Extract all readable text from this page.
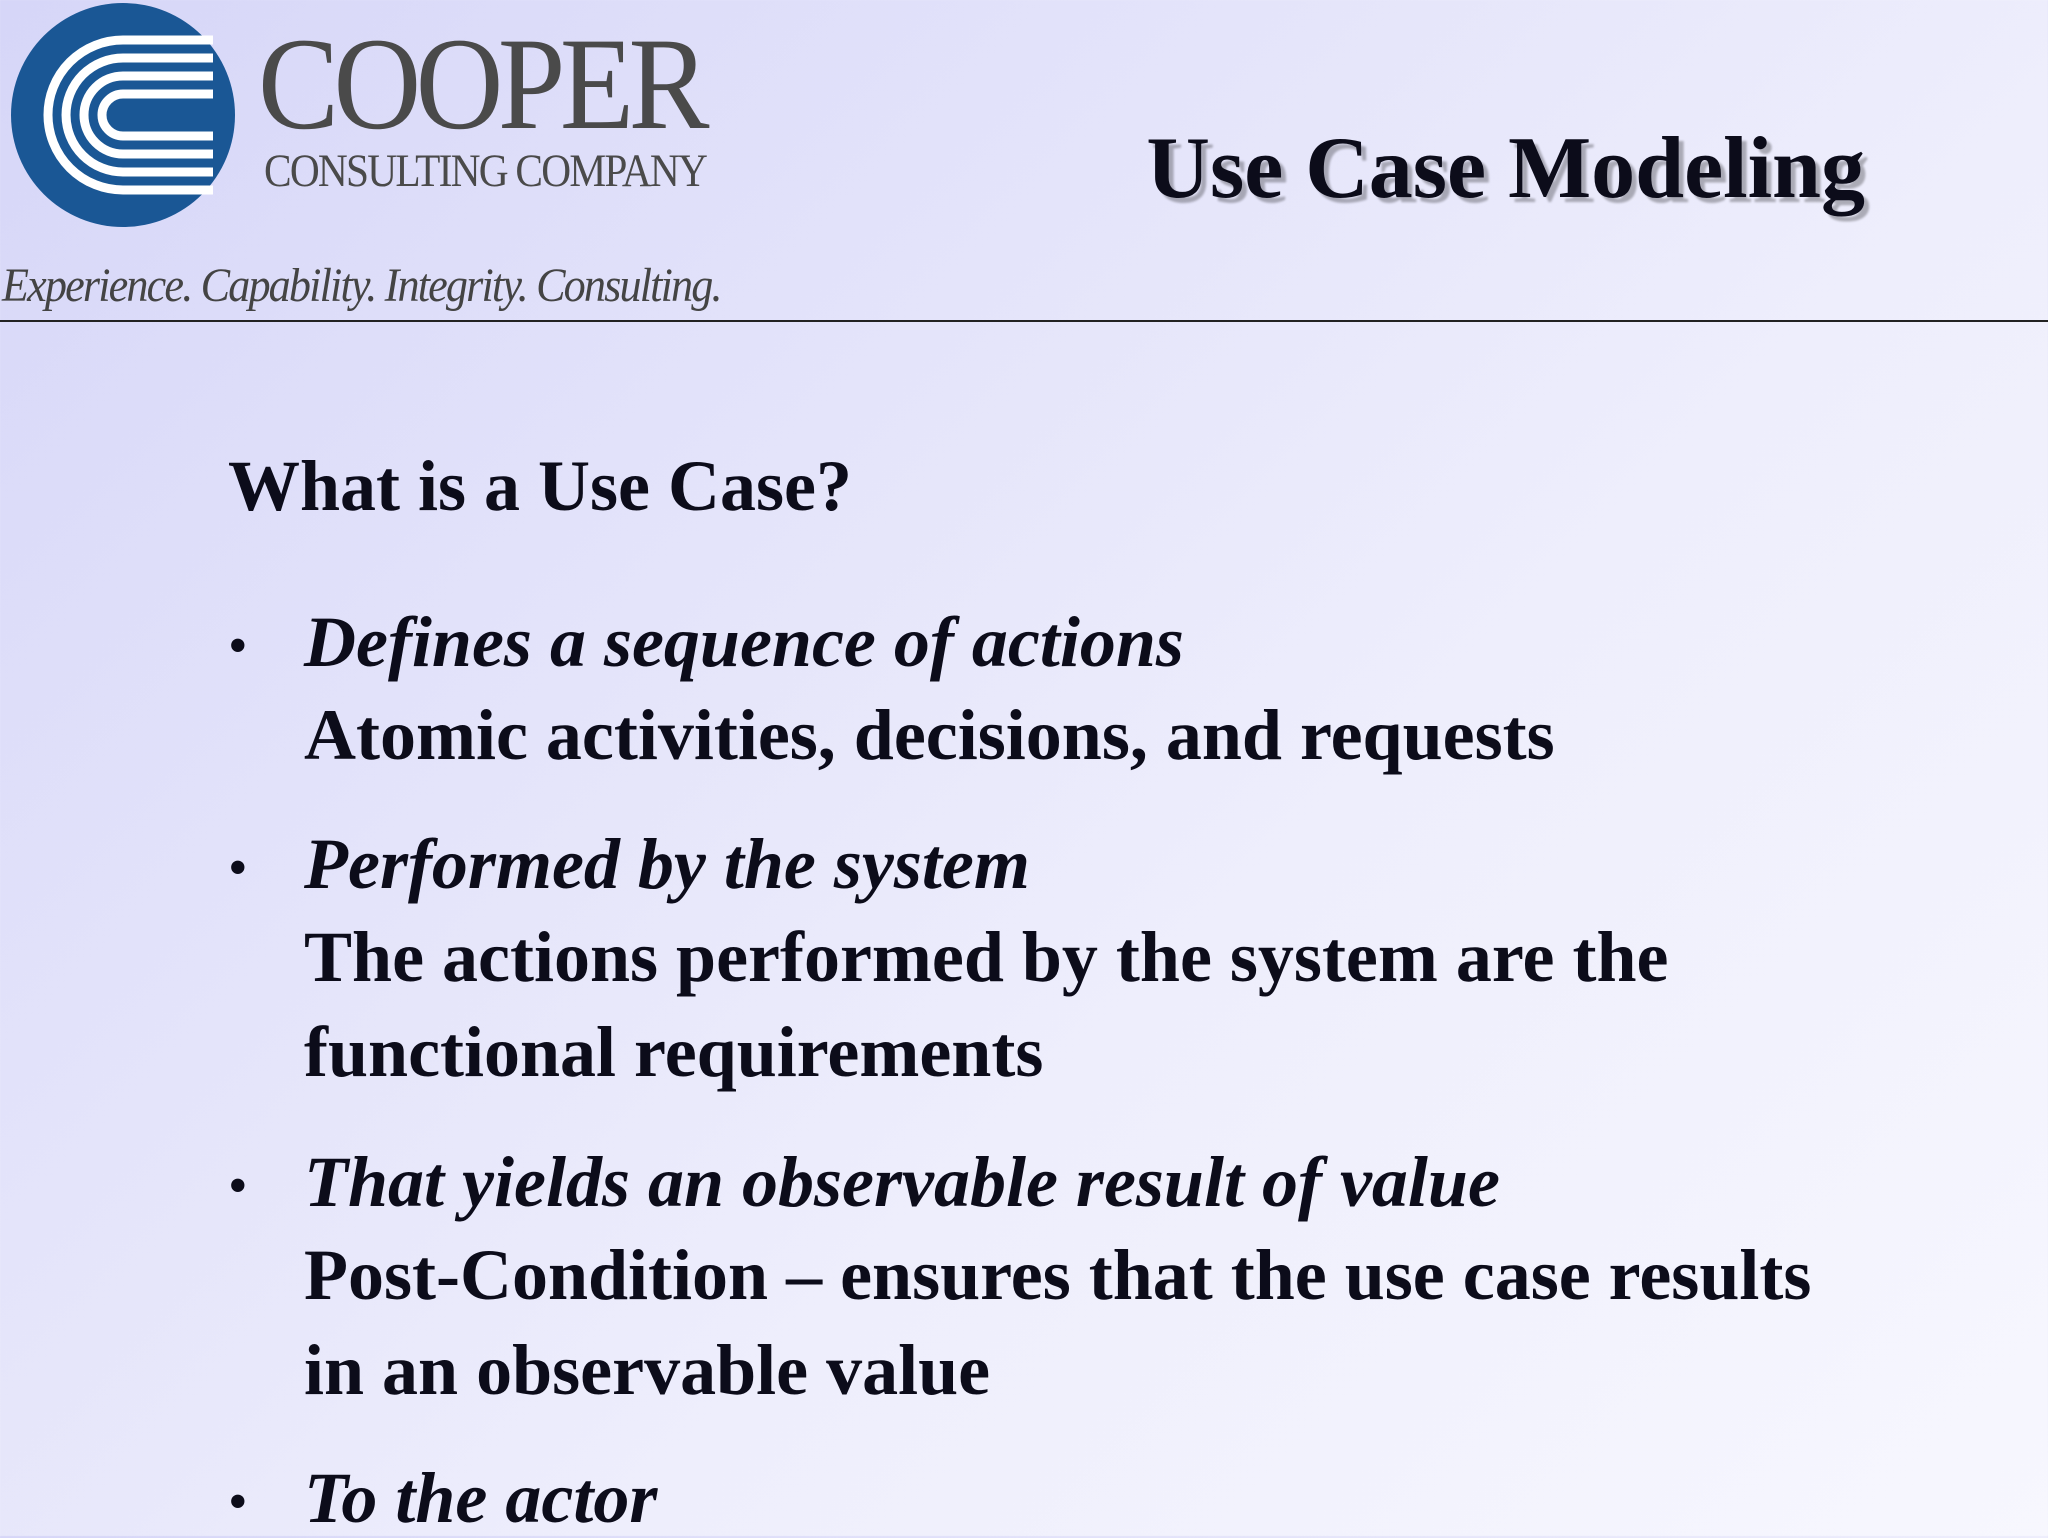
COOPER
CONSULTING COMPANY
Experience. Capability. Integrity. Consulting.
Use Case Modeling
What is a Use Case?
• Defines a sequence of actions
Atomic activities, decisions, and requests
• Performed by the system
The actions performed by the system are the
functional requirements
• That yields an observable result of value
Post-Condition – ensures that the use case results
in an observable value
• To the actor
